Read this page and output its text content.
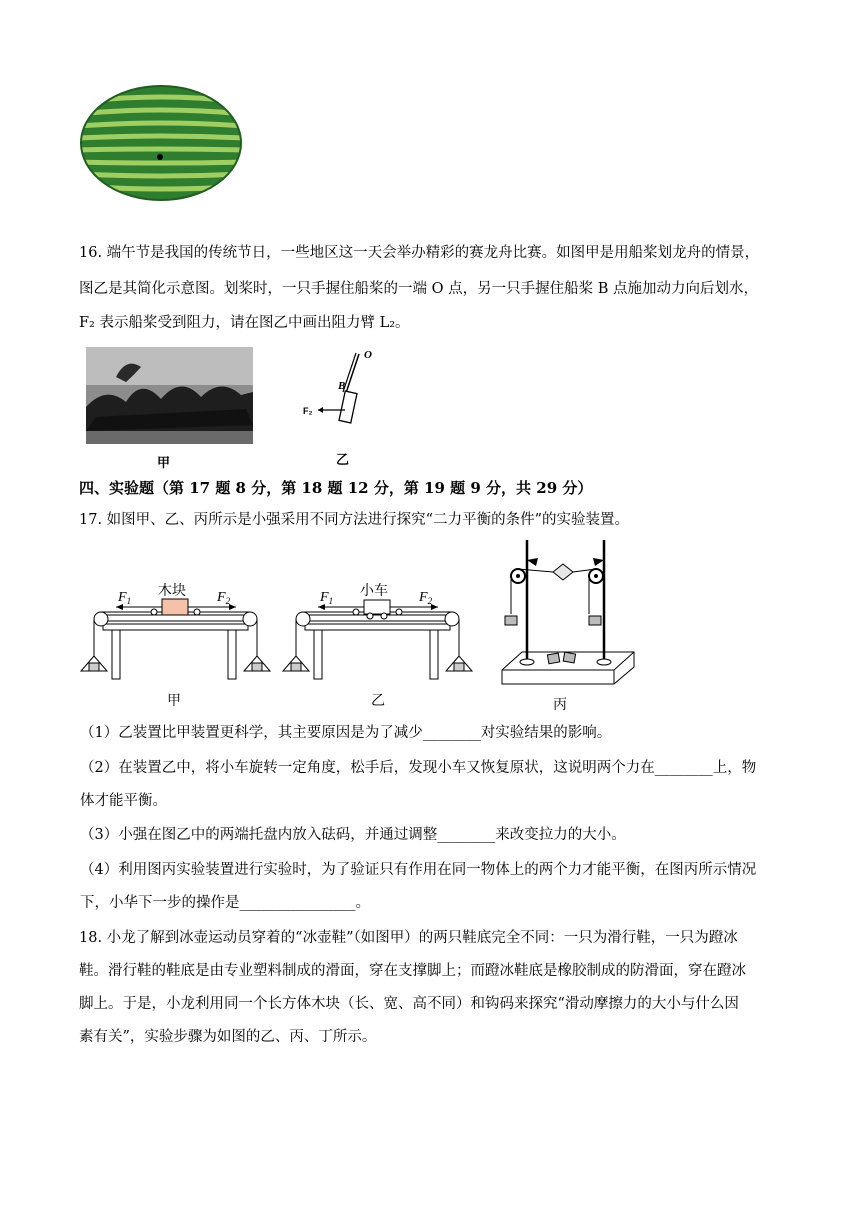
16. 端午节是我国的传统节日，一些地区这一天会举办精彩的赛龙舟比赛。如图甲是用船桨划龙舟的情景，
图乙是其简化示意图。划桨时，一只手握住船桨的一端 O 点，另一只手握住船桨 B 点施加动力向后划水，
F₂ 表示船桨受到阻力，请在图乙中画出阻力臂 L₂。
甲
O
B
F₂
乙
四、实验题（第 17 题 8 分，第 18 题 12 分，第 19 题 9 分，共 29 分）
17. 如图甲、乙、丙所示是小强采用不同方法进行探究“二力平衡的条件”的实验装置。
木块
$F_1$	$F_2$
甲
小车
$F_1$	$F_2$
乙	丙
（1）乙装置比甲装置更科学，其主要原因是为了减少________对实验结果的影响。
（2）在装置乙中，将小车旋转一定角度，松手后，发现小车又恢复原状，这说明两个力在________上，物
体才能平衡。
（3）小强在图乙中的两端托盘内放入砝码，并通过调整________来改变拉力的大小。
（4）利用图丙实验装置进行实验时，为了验证只有作用在同一物体上的两个力才能平衡，在图丙所示情况
下，小华下一步的操作是________________。
18. 小龙了解到冰壶运动员穿着的“冰壶鞋”（如图甲）的两只鞋底完全不同：一只为滑行鞋，一只为蹬冰
鞋。滑行鞋的鞋底是由专业塑料制成的滑面，穿在支撑脚上；而蹬冰鞋底是橡胶制成的防滑面，穿在蹬冰
脚上。于是，小龙利用同一个长方体木块（长、宽、高不同）和钩码来探究“滑动摩擦力的大小与什么因
素有关”，实验步骤为如图的乙、丙、丁所示。
